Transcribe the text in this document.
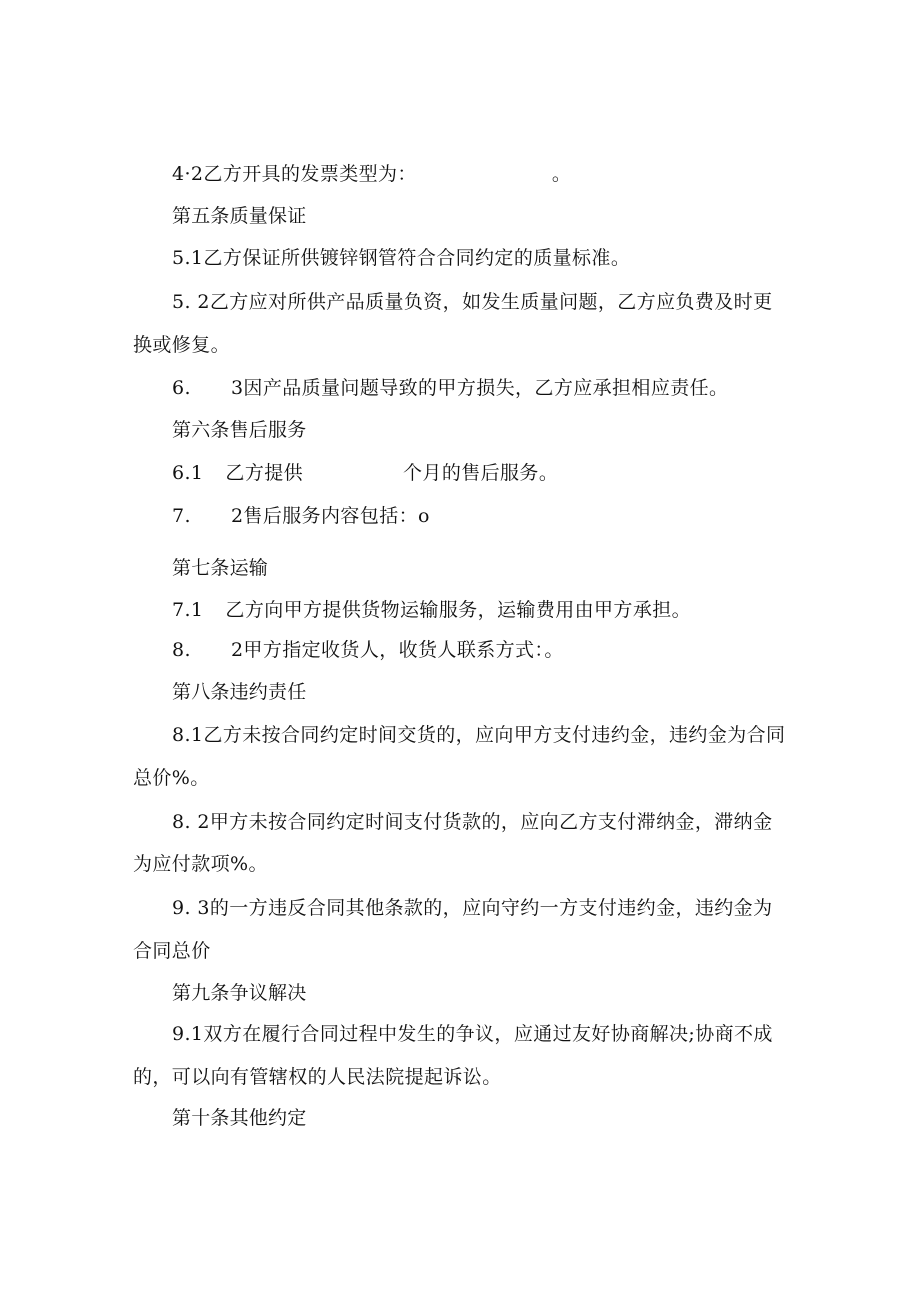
4·2乙方开具的发票类型为：	。
第五条质量保证
5.1乙方保证所供镀锌钢管符合合同约定的质量标准。
5. 2乙方应对所供产品质量负资，如发生质量问题，乙方应负费及时更
换或修复。
6. 3因产品质量问题导致的甲方损失，乙方应承担相应责任。
第六条售后服务
6.1 乙方提供	个月的售后服务。
7. 2售后服务内容包括：o
第七条运输
7.1 乙方向甲方提供货物运输服务，运输费用由甲方承担。
8. 2甲方指定收货人，收货人联系方式：。
第八条违约责任
8.1乙方未按合同约定时间交货的，应向甲方支付违约金，违约金为合同
总价%。
8. 2甲方未按合同约定时间支付货款的，应向乙方支付滞纳金，滞纳金
为应付款项%。
9. 3的一方违反合同其他条款的，应向守约一方支付违约金，违约金为
合同总价
第九条争议解决
9.1双方在履行合同过程中发生的争议，应通过友好协商解决;协商不成
的，可以向有管辖权的人民法院提起诉讼。
第十条其他约定
